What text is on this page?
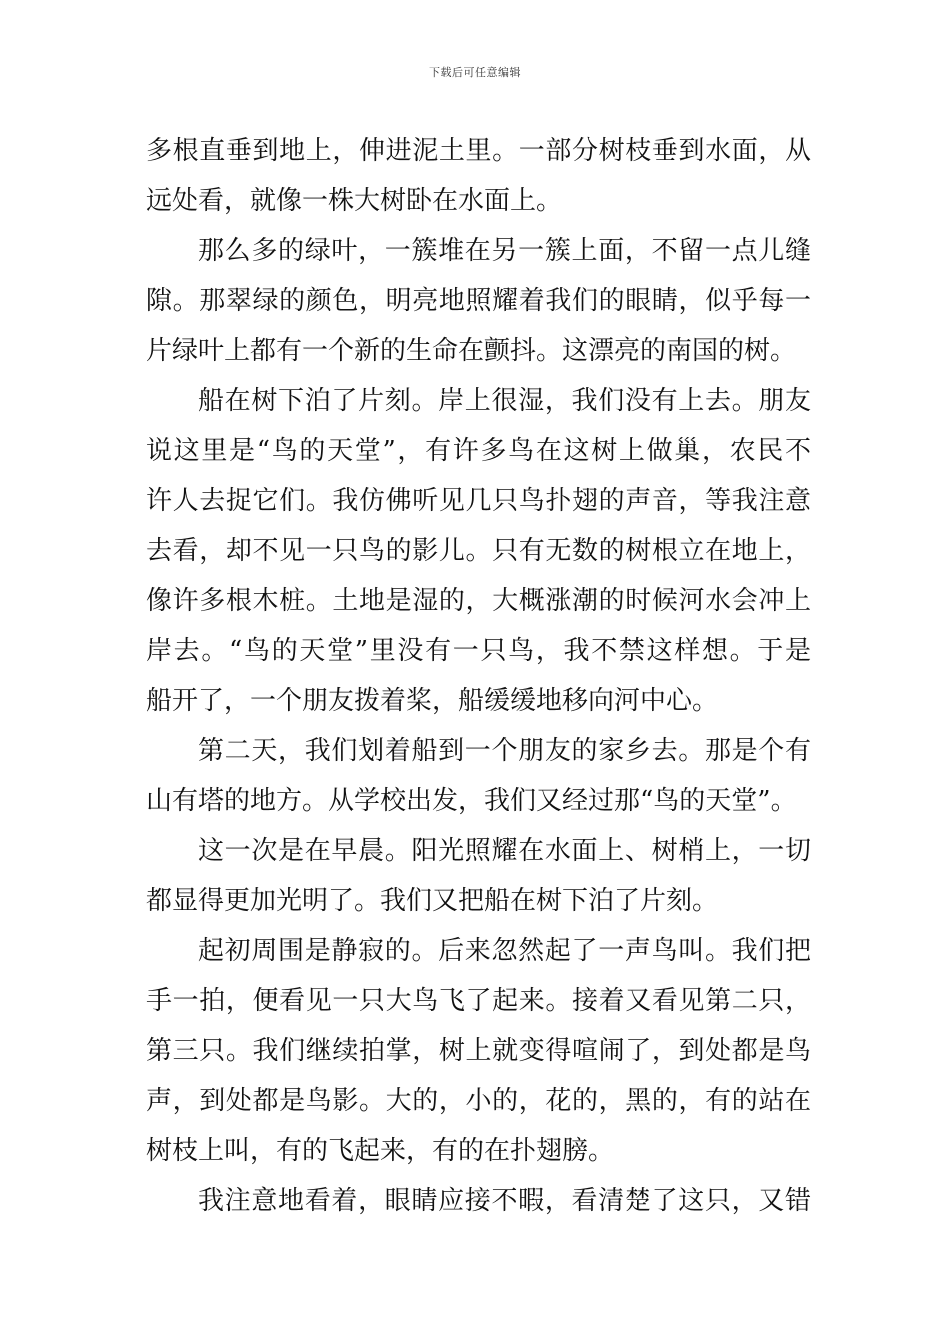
下载后可任意编辑
多根直垂到地上，伸进泥土里。一部分树枝垂到水面，从
远处看，就像一株大树卧在水面上。
那么多的绿叶，一簇堆在另一簇上面，不留一点儿缝
隙。那翠绿的颜色，明亮地照耀着我们的眼睛，似乎每一
片绿叶上都有一个新的生命在颤抖。这漂亮的南国的树。
船在树下泊了片刻。岸上很湿，我们没有上去。朋友
说这里是“鸟的天堂”，有许多鸟在这树上做巢，农民不
许人去捉它们。我仿佛听见几只鸟扑翅的声音，等我注意
去看，却不见一只鸟的影儿。只有无数的树根立在地上，
像许多根木桩。土地是湿的，大概涨潮的时候河水会冲上
岸去。“鸟的天堂”里没有一只鸟，我不禁这样想。于是
船开了，一个朋友拨着桨，船缓缓地移向河中心。
第二天，我们划着船到一个朋友的家乡去。那是个有
山有塔的地方。从学校出发，我们又经过那“鸟的天堂”。
这一次是在早晨。阳光照耀在水面上、树梢上，一切
都显得更加光明了。我们又把船在树下泊了片刻。
起初周围是静寂的。后来忽然起了一声鸟叫。我们把
手一拍，便看见一只大鸟飞了起来。接着又看见第二只，
第三只。我们继续拍掌，树上就变得喧闹了，到处都是鸟
声，到处都是鸟影。大的，小的，花的，黑的，有的站在
树枝上叫，有的飞起来，有的在扑翅膀。
我注意地看着，眼睛应接不暇，看清楚了这只，又错
